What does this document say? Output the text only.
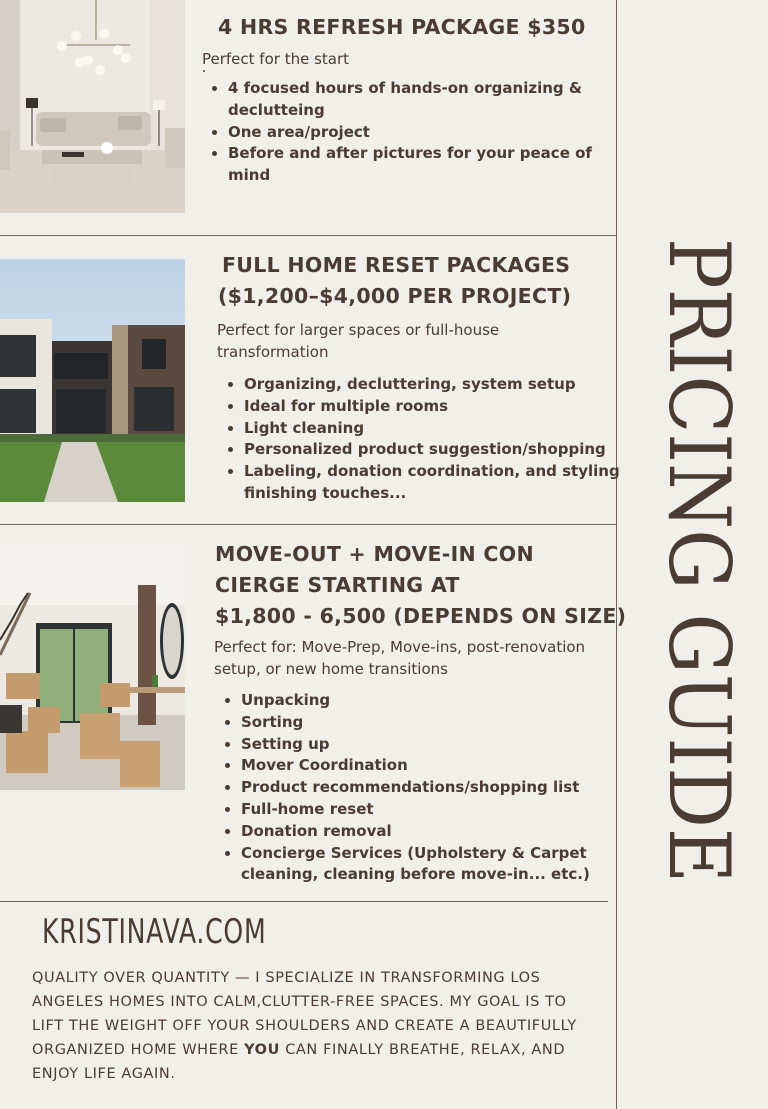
4 HRS REFRESH PACKAGE $350
Perfect for the start
• 4 focused hours of hands-on organizing & declutteing
• One area/project
• Before and after pictures for your peace of mind
FULL HOME RESET PACKAGES
($1,200–$4,000 PER PROJECT)
Perfect for larger spaces or full-house transformation
• Organizing, decluttering, system setup
• Ideal for multiple rooms
• Light cleaning
• Personalized product suggestion/shopping
• Labeling, donation coordination, and styling finishing touches...
MOVE-OUT + MOVE-IN CON
CIERGE STARTING AT
$1,800 - 6,500 (DEPENDS ON SIZE)
Perfect for: Move-Prep, Move-ins, post-renovation setup, or new home transitions
• Unpacking
• Sorting
• Setting up
• Mover Coordination
• Product recommendations/shopping list
• Full-home reset
• Donation removal
• Concierge Services (Upholstery & Carpet cleaning, cleaning before move-in... etc.) PRICING GUIDE
KRISTINAVA.COM
QUALITY OVER QUANTITY — I SPECIALIZE IN TRANSFORMING LOS ANGELES HOMES INTO CALM,CLUTTER-FREE SPACES. MY GOAL IS TO LIFT THE WEIGHT OFF YOUR SHOULDERS AND CREATE A BEAUTIFULLY ORGANIZED HOME WHERE YOU CAN FINALLY BREATHE, RELAX, AND ENJOY LIFE AGAIN.
